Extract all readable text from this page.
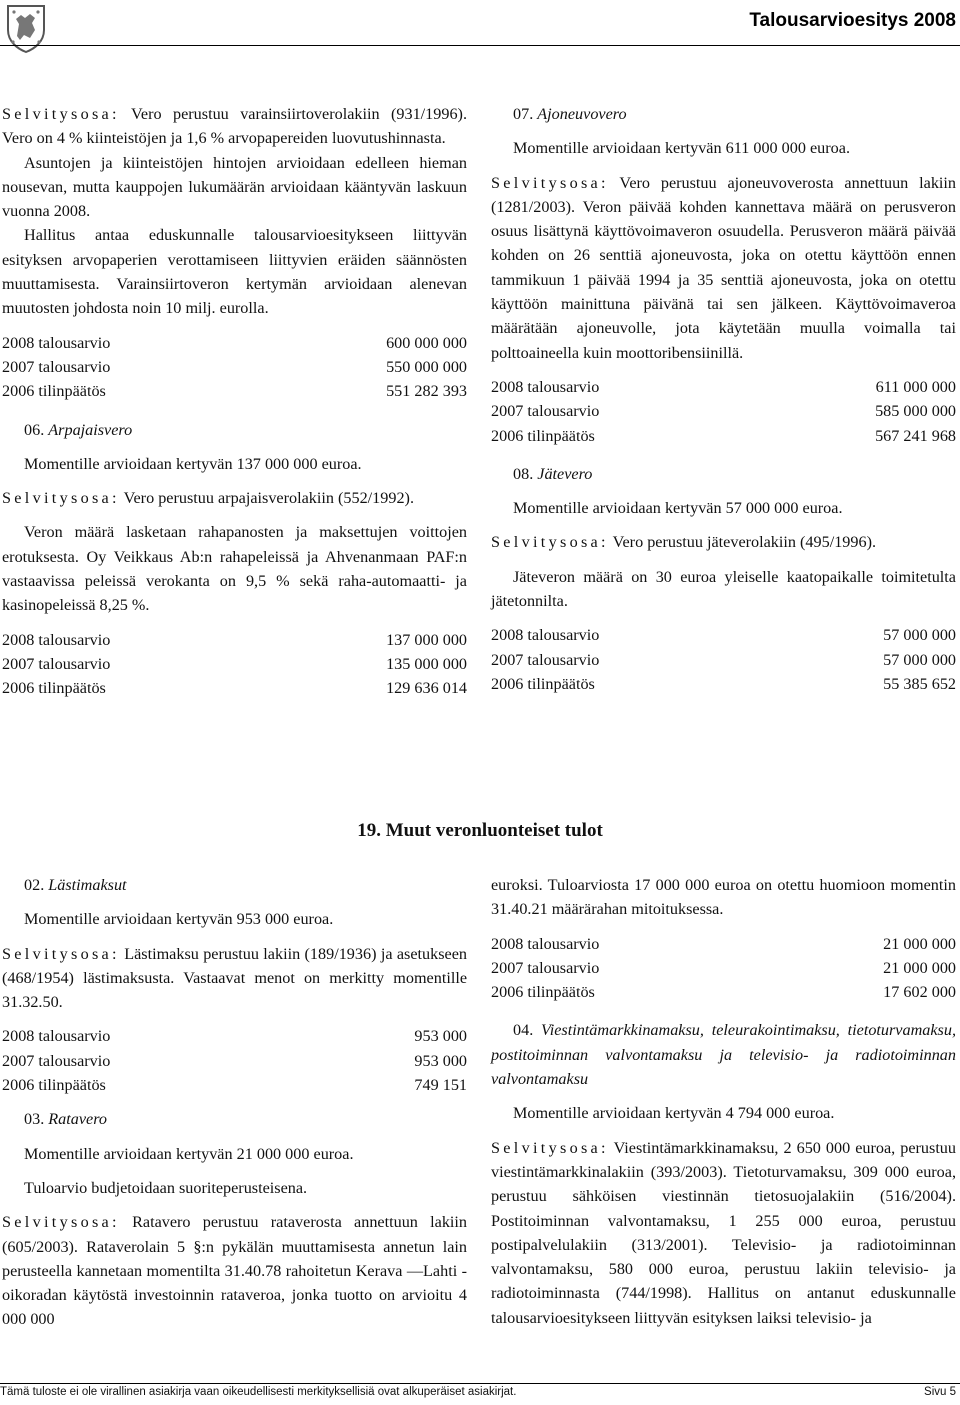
Talousarvioesitys 2008

Selvitysosa: Vero perustuu varainsiirtoverolakiin (931/1996). Vero on 4 % kiinteistöjen ja 1,6 % arvopapereiden luovutushinnasta.

Asuntojen ja kiinteistöjen hintojen arvioidaan edelleen hieman nousevan, mutta kauppojen lukumäärän arvioidaan kääntyvän laskuun vuonna 2008.

Hallitus antaa eduskunnalle talousarvioesitykseen liittyvän esityksen arvopaperien verottamiseen liittyvien eräiden säännösten muuttamisesta. Varainsiirtoveron kertymän arvioidaan alenevan muutosten johdosta noin 10 milj. eurolla.

2008 talousarvio	600 000 000
2007 talousarvio	550 000 000
2006 tilinpäätös	551 282 393

06. Arpajaisvero

Momentille arvioidaan kertyvän 137 000 000 euroa.

Selvitysosa: Vero perustuu arpajaisverolakiin (552/1992).

Veron määrä lasketaan rahapanosten ja maksettujen voittojen erotuksesta. Oy Veikkaus Ab:n rahapeleissä ja Ahvenanmaan PAF:n vastaavissa peleissä verokanta on 9,5 % sekä raha-automaatti- ja kasinopeleissä 8,25 %.

2008 talousarvio	137 000 000
2007 talousarvio	135 000 000
2006 tilinpäätös	129 636 014

07. Ajoneuvovero

Momentille arvioidaan kertyvän 611 000 000 euroa.

Selvitysosa: Vero perustuu ajoneuvoverosta annettuun lakiin (1281/2003). Veron päivää kohden kannettava määrä on perusveron osuus lisättynä käyttövoimaveron osuudella. Perusveron määrä päivää kohden on 26 senttiä ajoneuvosta, joka on otettu käyttöön ennen tammikuun 1 päivää 1994 ja 35 senttiä ajoneuvosta, joka on otettu käyttöön mainittuna päivänä tai sen jälkeen. Käyttövoimaveroa määrätään ajoneuvolle, jota käytetään muulla voimalla tai polttoaineella kuin moottoribensiinillä.

2008 talousarvio	611 000 000
2007 talousarvio	585 000 000
2006 tilinpäätös	567 241 968

08. Jätevero

Momentille arvioidaan kertyvän 57 000 000 euroa.

Selvitysosa: Vero perustuu jäteverolakiin (495/1996).

Jäteveron määrä on 30 euroa yleiselle kaatopaikalle toimitetulta jätetonnilta.

2008 talousarvio	57 000 000
2007 talousarvio	57 000 000
2006 tilinpäätös	55 385 652
19. Muut veronluonteiset tulot

02. Lästimaksut

Momentille arvioidaan kertyvän 953 000 euroa.

Selvitysosa: Lästimaksu perustuu lakiin (189/1936) ja asetukseen (468/1954) lästimaksusta. Vastaavat menot on merkitty momentille 31.32.50.

2008 talousarvio	953 000
2007 talousarvio	953 000
2006 tilinpäätös	749 151

03. Ratavero

Momentille arvioidaan kertyvän 21 000 000 euroa.

Tuloarvio budjetoidaan suoriteperusteisena.

Selvitysosa: Ratavero perustuu rataverosta annettuun lakiin (605/2003). Rataverolain 5 §:n pykälän muuttamisesta annetun lain perusteella kannetaan momentilta 31.40.78 rahoitetun Kerava —Lahti -oikoradan käytöstä investoinnin rataveroa, jonka tuotto on arvioitu 4 000 000

euroksi. Tuloarviosta 17 000 000 euroa on otettu huomioon momentin 31.40.21 määrärahan mitoituksessa.

2008 talousarvio	21 000 000
2007 talousarvio	21 000 000
2006 tilinpäätös	17 602 000

04. Viestintämarkkinamaksu, teleurakointimaksu, tietoturvamaksu, postitoiminnan valvontamaksu ja televisio- ja radiotoiminnan valvontamaksu

Momentille arvioidaan kertyvän 4 794 000 euroa.

Selvitysosa: Viestintämarkkinamaksu, 2 650 000 euroa, perustuu viestintämarkkinalakiin (393/2003). Tietoturvamaksu, 309 000 euroa, perustuu sähköisen viestinnän tietosuojalakiin (516/2004). Postitoiminnan valvontamaksu, 1 255 000 euroa, perustuu postipalvelulakiin (313/2001). Televisio- ja radiotoiminnan valvontamaksu, 580 000 euroa, perustuu lakiin televisio- ja radiotoiminnasta (744/1998). Hallitus on antanut eduskunnalle talousarvioesitykseen liittyvän esityksen laiksi televisio- ja

Tämä tuloste ei ole virallinen asiakirja vaan oikeudellisesti merkityksellisiä ovat alkuperäiset asiakirjat.	Sivu 5
